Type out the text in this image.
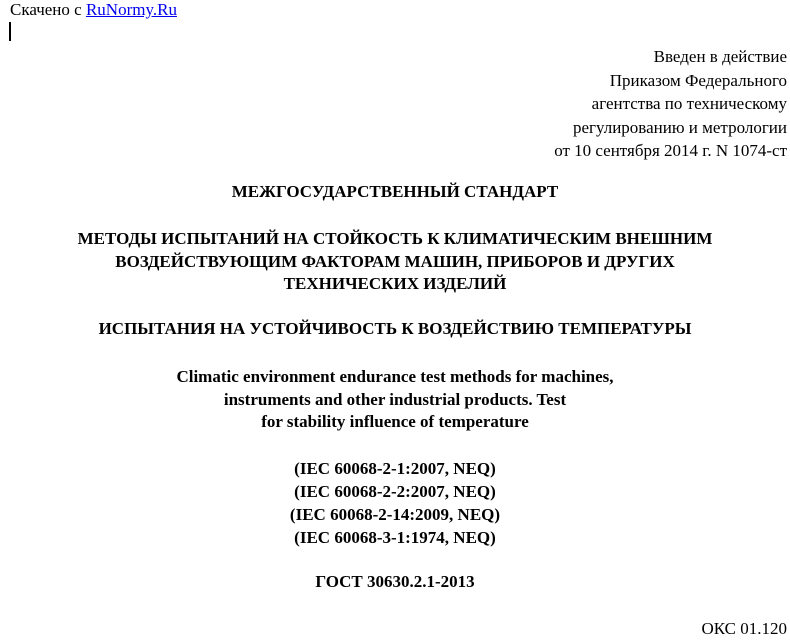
Скачено с RuNormy.Ru
Введен в действие
Приказом Федерального
агентства по техническому
регулированию и метрологии
от 10 сентября 2014 г. N 1074-ст
МЕЖГОСУДАРСТВЕННЫЙ СТАНДАРТ
МЕТОДЫ ИСПЫТАНИЙ НА СТОЙКОСТЬ К КЛИМАТИЧЕСКИМ ВНЕШНИМ
ВОЗДЕЙСТВУЮЩИМ ФАКТОРАМ МАШИН, ПРИБОРОВ И ДРУГИХ
ТЕХНИЧЕСКИХ ИЗДЕЛИЙ
ИСПЫТАНИЯ НА УСТОЙЧИВОСТЬ К ВОЗДЕЙСТВИЮ ТЕМПЕРАТУРЫ
Climatic environment endurance test methods for machines,
instruments and other industrial products. Test
for stability influence of temperature
(IEC 60068-2-1:2007, NEQ)
(IEC 60068-2-2:2007, NEQ)
(IEC 60068-2-14:2009, NEQ)
(IEC 60068-3-1:1974, NEQ)
ГОСТ 30630.2.1-2013
ОКС 01.120
